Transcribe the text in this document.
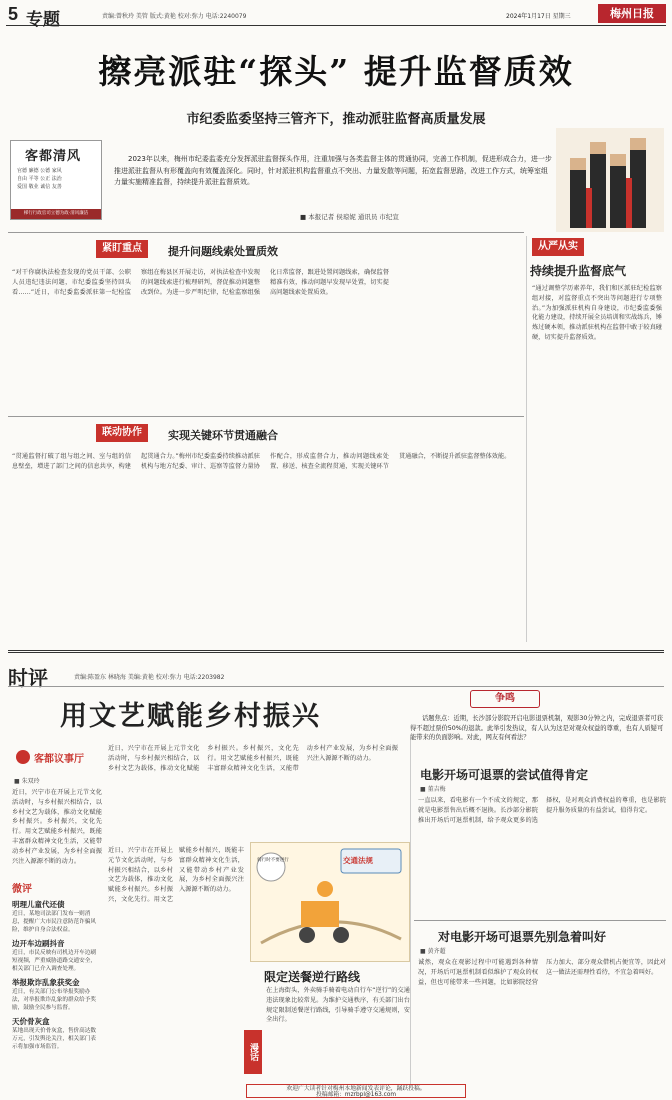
5 专题	责编:曾秋玲 美管 版式:黄艳 校对:弥力 电话:2240079	2024年1月17日 星期三	梅州日报
擦亮派驻“探头” 提升监督质效
市纪委监委坚持三管齐下，推动派驻监督高质量发展
客都清风
官德 廉德 公德 家风
自由 平等 公正 法治
爱国 敬业 诚信 友善
梯行行政官司立德为政·清风廉洁
2023年以来，梅州市纪委监委充分发挥派驻监督探头作用，注重加强与各类监督主体的贯通协同，完善工作机制，促进形成合力，进一步推进派驻监督从有形覆盖向有效覆盖深化。同时，针对派驻机构监督重点不突出、力量发散等问题，拓宽监督思路，改进工作方式，统筹室组力量实施精准监督，持续提升派驻监督质效。
■ 本报记者 侯琼妮 通讯员 市纪宣
紧盯重点	提升问题线索处置质效
“对干你腐执法检查发现的党员干部、公职人员违纪违法问题，市纪委监委坚持回头看……”近日，市纪委监委派驻第一纪检监察组在梅县区开展走访，对执法检查中发现的问题线索进行梳理研判，督促推动问题整改到位。为进一步严明纪律，纪检监察组强化日常监督，跟进处置问题线索，确保监督精准有效，推动问题早发现早处置，切实提高问题线索处置质效。
联动协作	实现关键环节贯通融合
“贯通监督打破了组与组之间、室与组的信息壁垒，增进了部门之间的信息共享，构建起贯通合力。”梅州市纪委监委持续推动派驻机构与地方纪委、审计、巡察等监督力量协作配合，形成监督合力，推动问题线索处置、移送、核查全流程贯通，实现关键环节贯通融合，不断提升派驻监督整体效能。
从严从实
持续提升监督底气
“通过调整学历素养年，我们和区派驻纪检监察组对接，对监督重点不突出等问题进行专项整治。”为加强派驻机构自身建设，市纪委监委强化能力建设，持续开展全员培训和实战练兵，锤炼过硬本领，推动派驻机构在监督中敢于较真碰硬，切实提升监督质效。
时评	责编:陈盈东 林晓海 美编:黄艳 校对:弥力 电话:2203982
用文艺赋能乡村振兴
争鸣
话题焦点：近期，长沙部分影院开启电影退票机制，观影30分钟之内，完成退票者可获得不超过票价50%的退款。此举引发热议，有人认为这是对观众权益的尊重，也有人质疑可能带来的负面影响。对此，网友有何看法？
客都议事厅
■ 朱双玲
近日，兴宁市在开展上元节文化活动时，与乡村振兴相结合，以乡村文艺为载体，推动文化赋能乡村振兴。乡村振兴，文化先行。用文艺赋能乡村振兴，既能丰富群众精神文化生活，又能带动乡村产业发展，为乡村全面振兴注入源源不断的动力。
近日，兴宁市在开展上元节文化活动时，与乡村振兴相结合，以乡村文艺为载体，推动文化赋能乡村振兴。乡村振兴，文化先行。用文艺赋能乡村振兴，既能丰富群众精神文化生活，又能带动乡村产业发展，为乡村全面振兴注入源源不断的动力。
微评
明理儿童代还债
近日，某地司法部门发布一则消息，提醒广大市民注意防范诈骗风险，维护自身合法权益。
边开车边刷抖音
近日，市民反映有司机边开车边刷短视频，严重威胁道路交通安全，相关部门已介入调查处理。
举报欺诈乱象获奖金
近日，有关部门公布举报奖励办法，对举报欺诈乱象的群众给予奖励，鼓励全民参与监督。
天价骨灰盒
某地出现天价骨灰盒，售价高达数万元，引发舆论关注，相关部门表示将加强市场监管。
近日，兴宁市在开展上元节文化活动时，与乡村振兴相结合，以乡村文艺为载体，推动文化赋能乡村振兴。乡村振兴，文化先行。用文艺赋能乡村振兴，既能丰富群众精神文化生活，又能带动乡村产业发展，为乡村全面振兴注入源源不断的动力。
交通法规
骑行时不要逆行
限定送餐逆行路线
漫话
在上海街头，外卖骑手骑着电动自行车“逆行”的交通违法现象比较常见。为维护交通秩序，有关部门出台规定限制送餐逆行路线，引导骑手遵守交通规则，安全出行。
电影开场可退票的尝试值得肯定
■ 董吉梅
一直以来，看电影有一个不成文的规定，那就是电影票售出后概不退换。长沙部分影院推出开场后可退票机制，给予观众更多的选择权，是对观众消费权益的尊重，也是影院提升服务质量的有益尝试，值得肯定。
对电影开场可退票先别急着叫好
■ 黄齐超
诚然，观众在观影过程中可能遇到各种情况，开场后可退票机制看似维护了观众的权益，但也可能带来一些问题，比如影院经营压力加大、部分观众借机占便宜等，因此对这一做法还需理性看待，不宜急着叫好。
欢迎广大读者针对梅州本地新闻发表评论，踊跃投稿。
投稿邮箱：mzrbpl@163.com
